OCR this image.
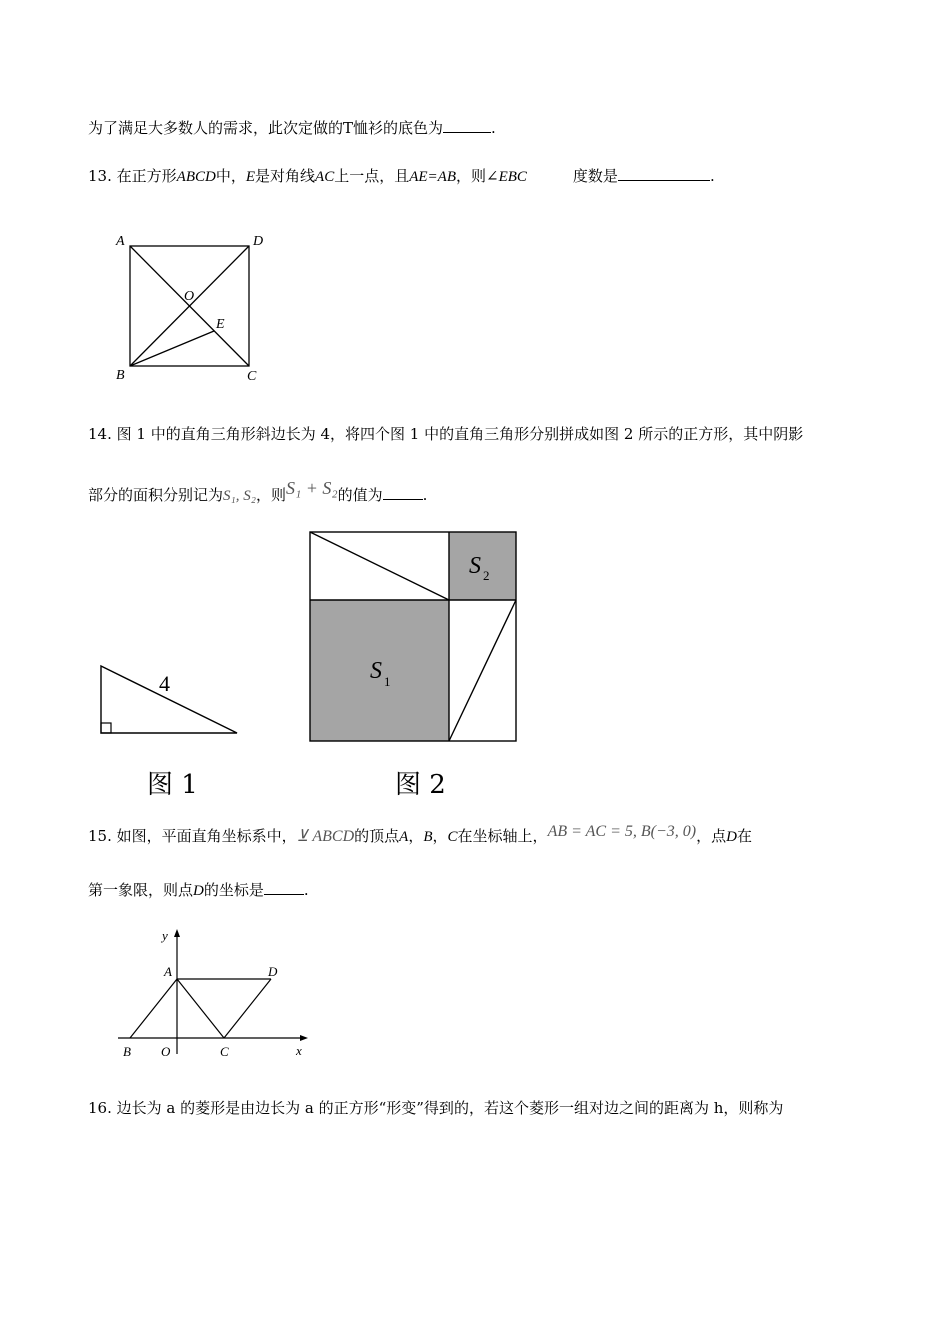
为了满足大多数人的需求，此次定做的T恤衫的底色为	.
13. 在正方形ABCD中，E是对角线AC上一点，且AE=AB，则∠EBC	度数是	.
A	D
O
E
B	C
14. 图 1 中的直角三角形斜边长为 4，将四个图 1 中的直角三角形分别拼成如图 2 所示的正方形，其中阴影
部分的面积分别记为S₁, S₂，则S₁ + S₂的值为	.
4
图 1
S 2
S 1
图 2
15. 如图，平面直角坐标系中，⊻ ABCD的顶点A，B，C在坐标轴上，AB = AC = 5, B(−3, 0)，点D在
第一象限，则点D的坐标是	.
y
x
A	D
B O	C
16. 边长为 a 的菱形是由边长为 a 的正方形“形变”得到的，若这个菱形一组对边之间的距离为 h，则称为
